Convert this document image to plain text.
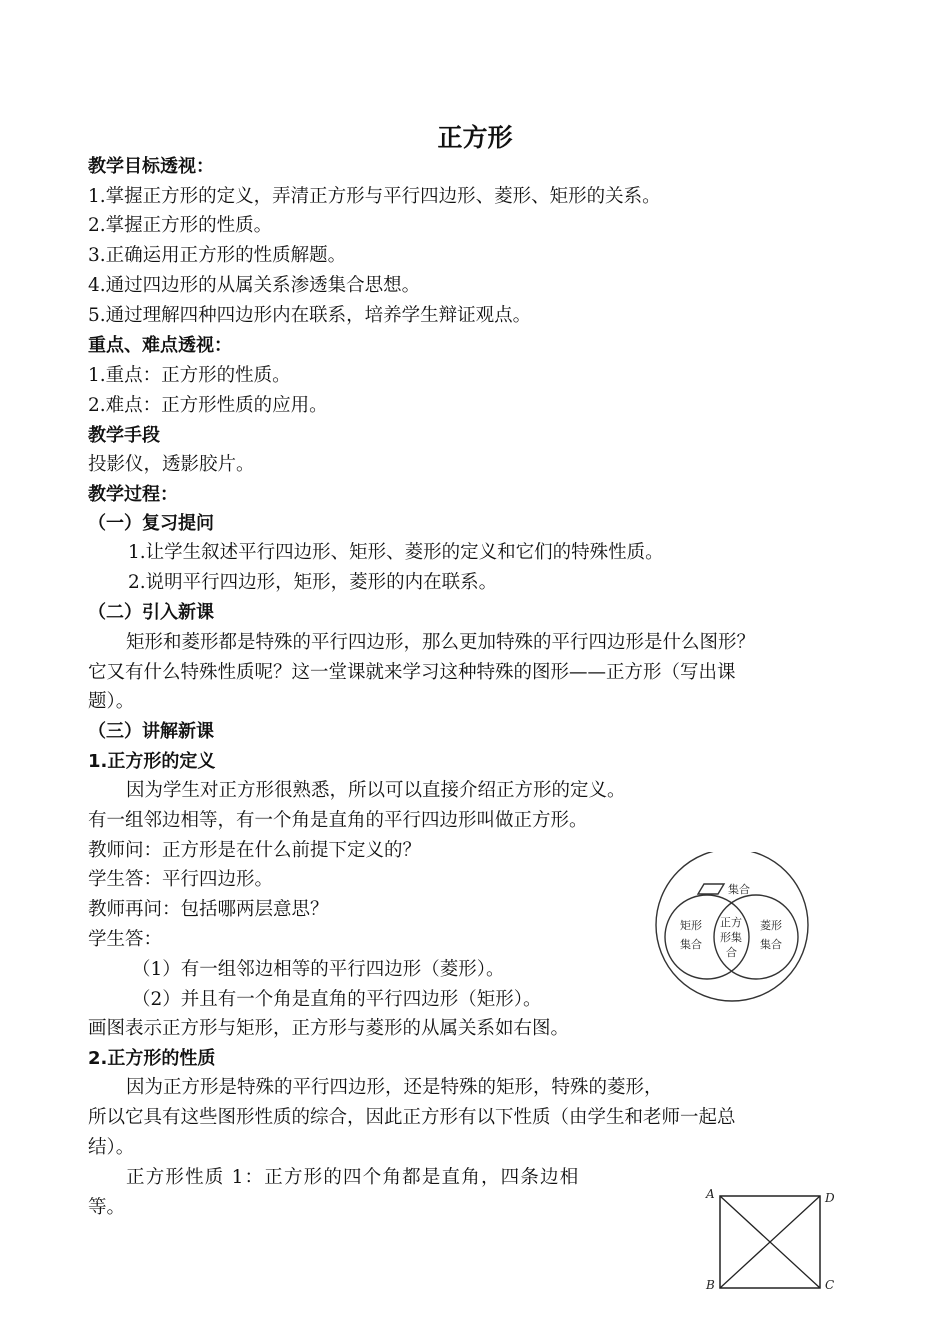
正方形
教学目标透视：
1.掌握正方形的定义，弄清正方形与平行四边形、菱形、矩形的关系。
2.掌握正方形的性质。
3.正确运用正方形的性质解题。
4.通过四边形的从属关系渗透集合思想。
5.通过理解四种四边形内在联系，培养学生辩证观点。
重点、难点透视：
1.重点：正方形的性质。
2.难点：正方形性质的应用。
教学手段
投影仪，透影胶片。
教学过程：
（一）复习提问
1.让学生叙述平行四边形、矩形、菱形的定义和它们的特殊性质。
2.说明平行四边形，矩形，菱形的内在联系。
（二）引入新课
矩形和菱形都是特殊的平行四边形，那么更加特殊的平行四边形是什么图形？
它又有什么特殊性质呢？这一堂课就来学习这种特殊的图形——正方形（写出课
题）。
（三）讲解新课
1.正方形的定义
因为学生对正方形很熟悉，所以可以直接介绍正方形的定义。
有一组邻边相等，有一个角是直角的平行四边形叫做正方形。
教师问：正方形是在什么前提下定义的？
学生答：平行四边形。
教师再问：包括哪两层意思？
学生答：
（1）有一组邻边相等的平行四边形（菱形）。
（2）并且有一个角是直角的平行四边形（矩形）。
画图表示正方形与矩形，正方形与菱形的从属关系如右图。
2.正方形的性质
因为正方形是特殊的平行四边形，还是特殊的矩形，特殊的菱形，
所以它具有这些图形性质的综合，因此正方形有以下性质（由学生和老师一起总
结）。
正方形性质 1：正方形的四个角都是直角，四条边相
等。
集合
矩形
集合
菱形
集合
正方
形集
合
A
B	C
D
